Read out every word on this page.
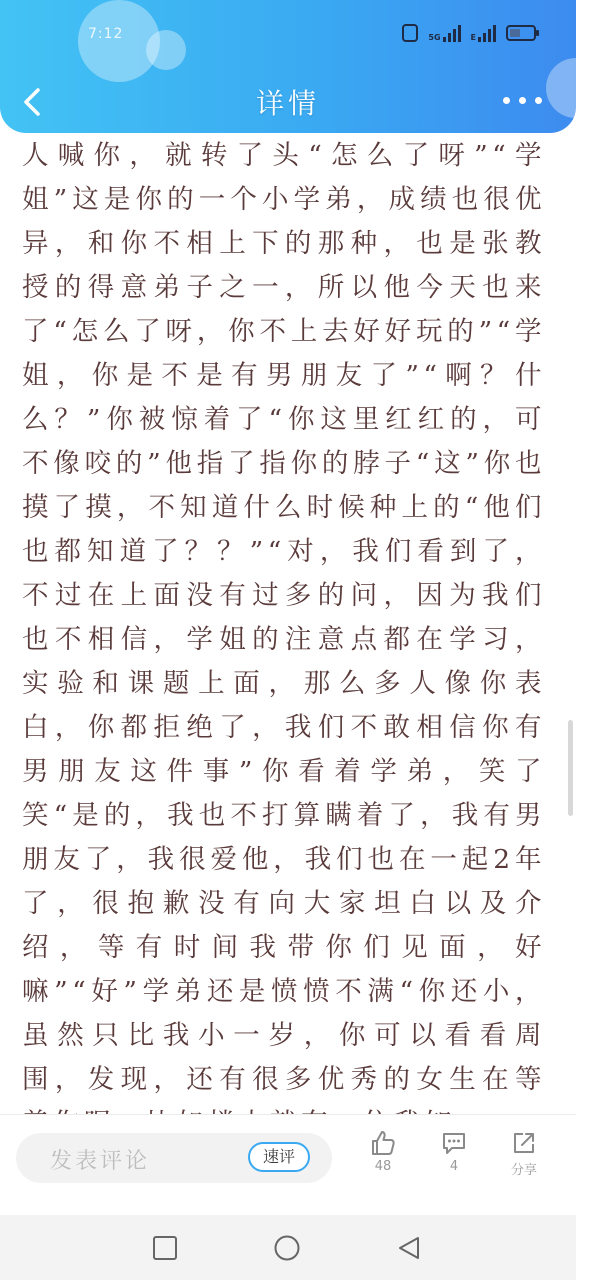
7:12	5G	E
详情

人喊你，就转了头“怎么了呀”“学姐”这是你的一个小学弟，成绩也很优异，和你不相上下的那种，也是张教授的得意弟子之一，所以他今天也来了“怎么了呀，你不上去好好玩的”“学姐，你是不是有男朋友了”“啊？什么？”你被惊着了“你这里红红的，可不像咬的”他指了指你的脖子“这”你也摸了摸，不知道什么时候种上的“他们也都知道了？？”“对，我们看到了，不过在上面没有过多的问，因为我们也不相信，学姐的注意点都在学习，实验和课题上面，那么多人像你表白，你都拒绝了，我们不敢相信你有男朋友这件事”你看着学弟，笑了笑“是的，我也不打算瞒着了，我有男朋友了，我很爱他，我们也在一起2年了，很抱歉没有向大家坦白以及介绍，等有时间我带你们见面，好嘛”“好”学弟还是愤愤不满“你还小，虽然只比我小一岁，你可以看看周围，发现，还有很多优秀的女生在等

发表评论	速评
48	4	分享
